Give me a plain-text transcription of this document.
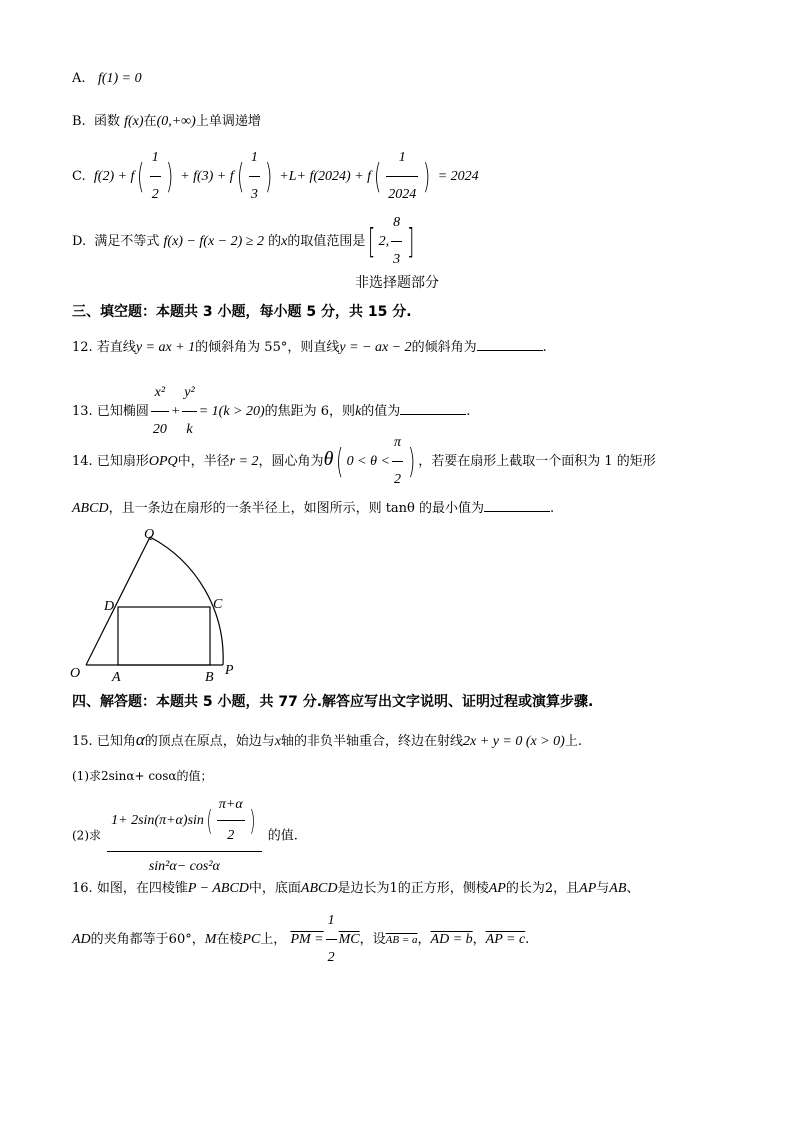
A. f(1) = 0
B. 函数 f(x)在(0,+∞)上单调递增
C. $f(2) + f( \frac{1}{2}$ ) + $f(3) + f( \frac{1}{3}$ ) $+L+ f(2024) + f( \frac{1}{2024}$ ) = 2024
D. 满足不等式 f(x) − f(x − 2) ≥ 2 的x的取值范围是[ 2, $\frac{8}{3}$ ]
非选择题部分
三、填空题：本题共 3 小题，每小题 5 分，共 15 分.
12. 若直线y = ax + 1的倾斜角为 55°，则直线y = − ax − 2的倾斜角为	.
13. 已知椭圆 $\frac{\text{x²}}{20} + \frac{\text{y²}}{k} = 1(k > 20)$的焦距为 6，则k的值为	.
14. 已知扇形OPQ中，半径r = 2，圆心角为θ( $0 < \theta < \frac{\pi}{2}$ ) ，若要在扇形上截取一个面积为 1 的矩形
ABCD，且一条边在扇形的一条半径上，如图所示，则 tanθ 的最小值为	.
Q
D	C
O A	B P
四、解答题：本题共 5 小题，共 77 分.解答应写出文字说明、证明过程或演算步骤.
15. 已知角α的顶点在原点，始边与x轴的非负半轴重合，终边在射线2x + y = 0 (x > 0)上.
(1)求2sinα+ cosα的值；
(2)求 $\frac{1+ 2\sin(\pi+\alpha)\sin( \frac{\pi+\alpha}{2} )}{\text{sin²α− cos²α}}$ 的值.
16. 如图，在四棱锥P − ABCD中，底面ABCD是边长为1的正方形，侧棱AP的长为2，且AP与AB、
AD的夹角都等于60°，M在棱PC上， PM = $\frac{1}{2} \overline{MC}$，设AB = a，AD = b，AP = c.
